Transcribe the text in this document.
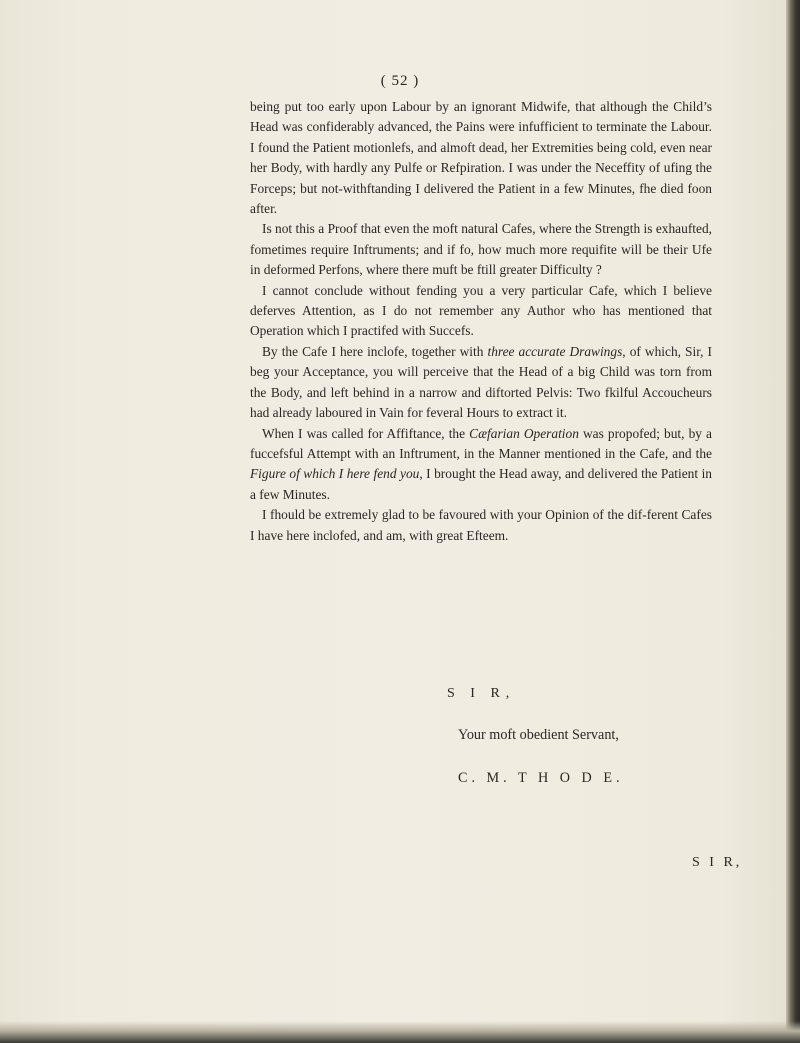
( 52 )

being put too early upon Labour by an ignorant Midwife, that although the Child’s Head was confiderably advanced, the Pains were infufficient to terminate the Labour. I found the Patient motionlefs, and almoft dead, her Extremities being cold, even near her Body, with hardly any Pulfe or Refpiration. I was under the Neceffity of ufing the Forceps; but not-withftanding I delivered the Patient in a few Minutes, fhe died foon after.

Is not this a Proof that even the moft natural Cafes, where the Strength is exhaufted, fometimes require Inftruments; and if fo, how much more requifite will be their Ufe in deformed Perfons, where there muft be ftill greater Difficulty ?

I cannot conclude without fending you a very particular Cafe, which I believe deferves Attention, as I do not remember any Author who has mentioned that Operation which I practifed with Succefs.

By the Cafe I here inclofe, together with three accurate Drawings, of which, Sir, I beg your Acceptance, you will perceive that the Head of a big Child was torn from the Body, and left behind in a narrow and diftorted Pelvis: Two fkilful Accoucheurs had already laboured in Vain for feveral Hours to extract it.

When I was called for Affiftance, the Cæfarian Operation was propofed; but, by a fuccefsful Attempt with an Inftrument, in the Manner mentioned in the Cafe, and the Figure of which I here fend you, I brought the Head away, and delivered the Patient in a few Minutes.

I fhould be extremely glad to be favoured with your Opinion of the dif-ferent Cafes I have here inclofed, and am, with great Efteem.

S I R,
Your moft obedient Servant,
C. M. T H O D E.
S I R,
